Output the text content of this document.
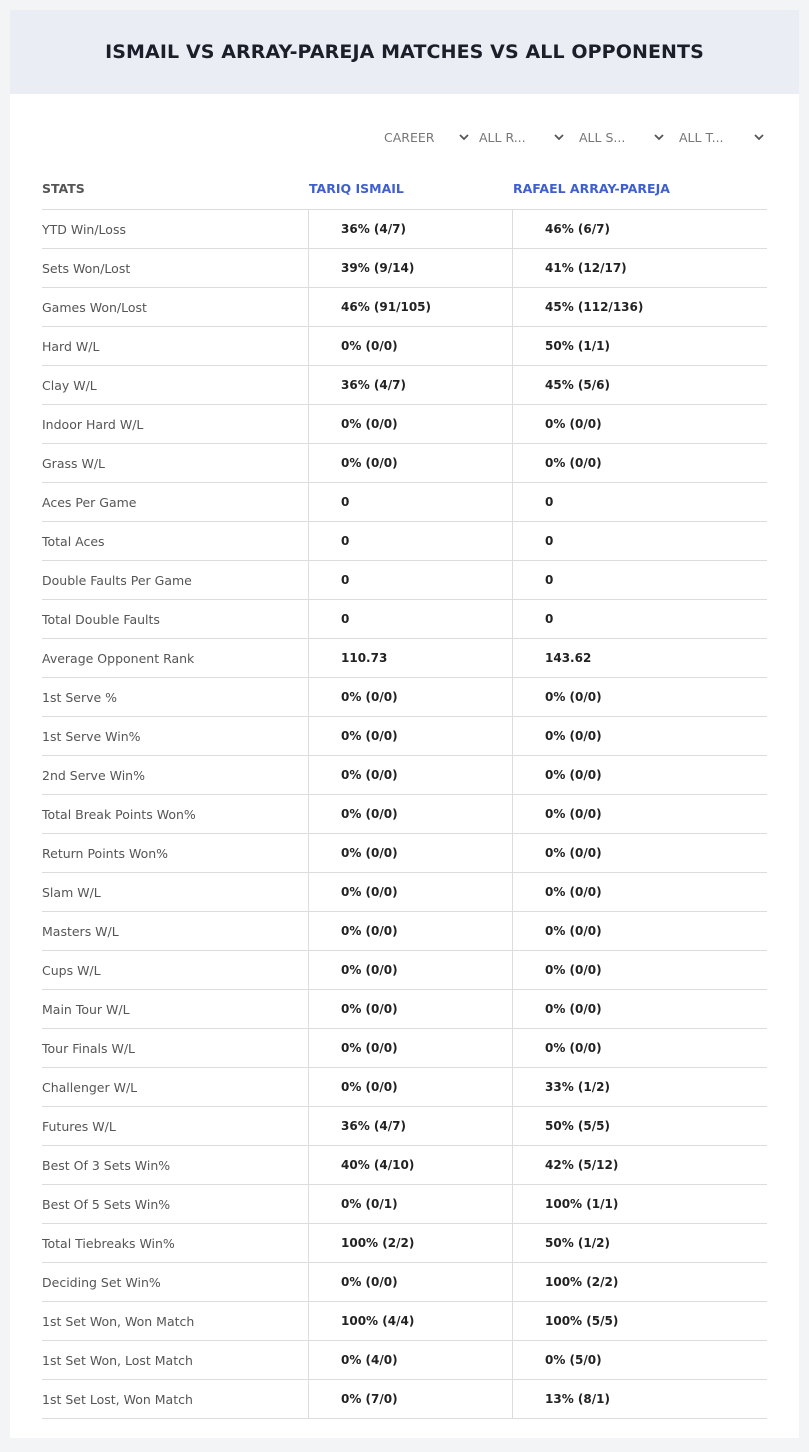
ISMAIL VS ARRAY-PAREJA MATCHES VS ALL OPPONENTS
CAREER	ALL R...	ALL S...	ALL T...
STATS	TARIQ ISMAIL	RAFAEL ARRAY-PAREJA
YTD Win/Loss	36% (4/7)	46% (6/7)
Sets Won/Lost	39% (9/14)	41% (12/17)
Games Won/Lost	46% (91/105)	45% (112/136)
Hard W/L	0% (0/0)	50% (1/1)
Clay W/L	36% (4/7)	45% (5/6)
Indoor Hard W/L	0% (0/0)	0% (0/0)
Grass W/L	0% (0/0)	0% (0/0)
Aces Per Game	0	0
Total Aces	0	0
Double Faults Per Game	0	0
Total Double Faults	0	0
Average Opponent Rank	110.73	143.62
1st Serve %	0% (0/0)	0% (0/0)
1st Serve Win%	0% (0/0)	0% (0/0)
2nd Serve Win%	0% (0/0)	0% (0/0)
Total Break Points Won%	0% (0/0)	0% (0/0)
Return Points Won%	0% (0/0)	0% (0/0)
Slam W/L	0% (0/0)	0% (0/0)
Masters W/L	0% (0/0)	0% (0/0)
Cups W/L	0% (0/0)	0% (0/0)
Main Tour W/L	0% (0/0)	0% (0/0)
Tour Finals W/L	0% (0/0)	0% (0/0)
Challenger W/L	0% (0/0)	33% (1/2)
Futures W/L	36% (4/7)	50% (5/5)
Best Of 3 Sets Win%	40% (4/10)	42% (5/12)
Best Of 5 Sets Win%	0% (0/1)	100% (1/1)
Total Tiebreaks Win%	100% (2/2)	50% (1/2)
Deciding Set Win%	0% (0/0)	100% (2/2)
1st Set Won, Won Match	100% (4/4)	100% (5/5)
1st Set Won, Lost Match	0% (4/0)	0% (5/0)
1st Set Lost, Won Match	0% (7/0)	13% (8/1)
